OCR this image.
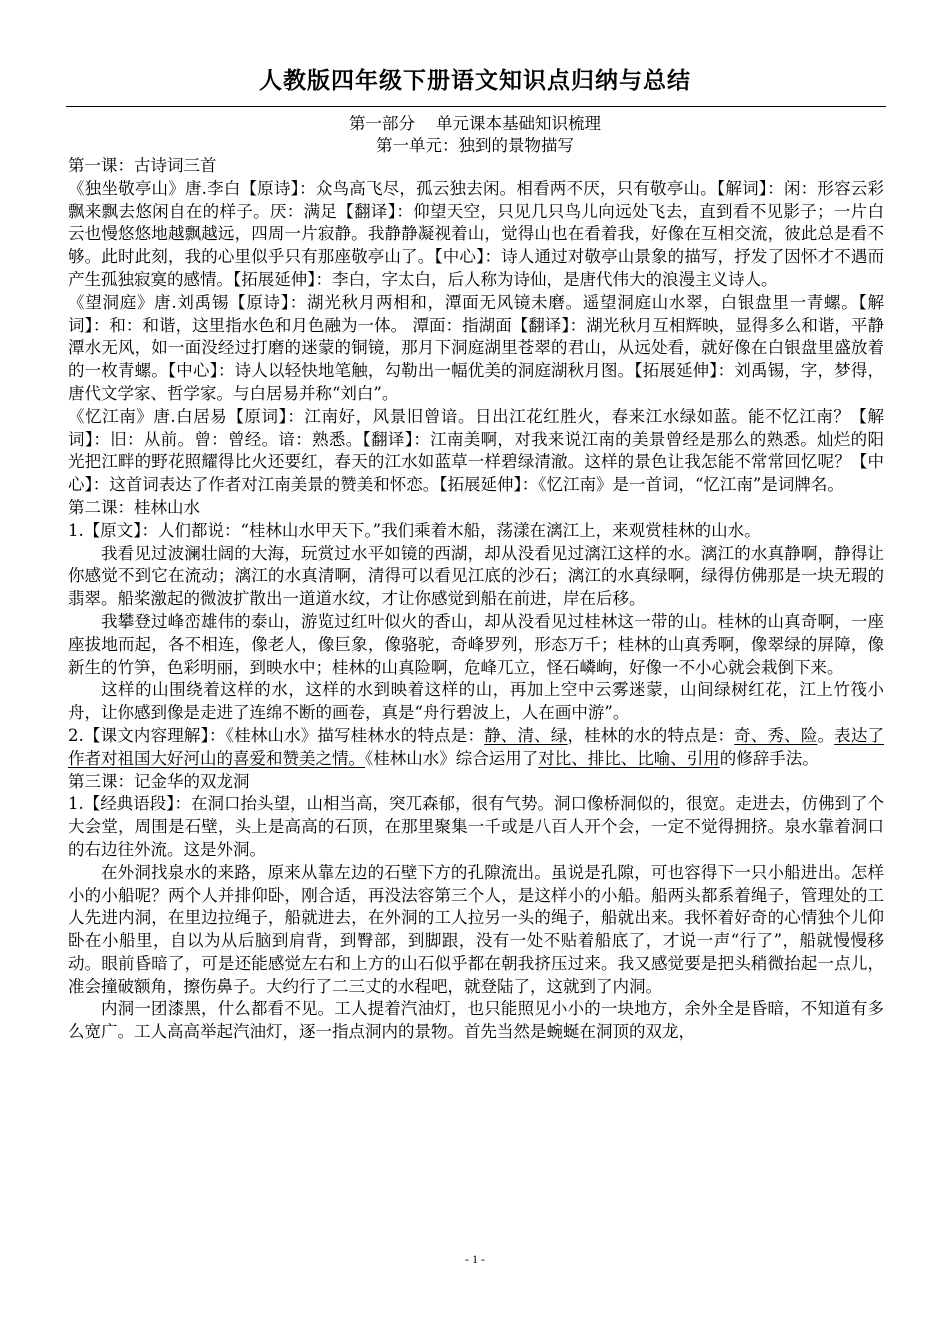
人教版四年级下册语文知识点归纳与总结
第一部分    单元课本基础知识梳理
第一单元：独到的景物描写

第一课：古诗词三首

《独坐敬亭山》唐.李白【原诗】：众鸟高飞尽，孤云独去闲。相看两不厌，只有敬亭山。【解词】：闲：形容云彩飘来飘去悠闲自在的样子。厌：满足【翻译】：仰望天空，只见几只鸟儿向远处飞去，直到看不见影子；一片白云也慢悠悠地越飘越远，四周一片寂静。我静静凝视着山，觉得山也在看着我，好像在互相交流，彼此总是看不够。此时此刻，我的心里似乎只有那座敬亭山了。【中心】：诗人通过对敬亭山景象的描写，抒发了因怀才不遇而产生孤独寂寞的感情。【拓展延伸】：李白，字太白，后人称为诗仙，是唐代伟大的浪漫主义诗人。

《望洞庭》唐.刘禹锡【原诗】：湖光秋月两相和，潭面无风镜未磨。遥望洞庭山水翠，白银盘里一青螺。【解词】：和：和谐，这里指水色和月色融为一体。 潭面：指湖面【翻译】：湖光秋月互相辉映，显得多么和谐，平静潭水无风，如一面没经过打磨的迷蒙的铜镜，那月下洞庭湖里苍翠的君山，从远处看，就好像在白银盘里盛放着的一枚青螺。【中心】：诗人以轻快地笔触，勾勒出一幅优美的洞庭湖秋月图。【拓展延伸】：刘禹锡，字，梦得，唐代文学家、哲学家。与白居易并称“刘白”。

《忆江南》唐.白居易【原词】：江南好，风景旧曾谙。日出江花红胜火，春来江水绿如蓝。能不忆江南？【解词】：旧：从前。曾：曾经。谙：熟悉。【翻译】：江南美啊，对我来说江南的美景曾经是那么的熟悉。灿烂的阳光把江畔的野花照耀得比火还要红，春天的江水如蓝草一样碧绿清澈。这样的景色让我怎能不常常回忆呢？【中心】：这首词表达了作者对江南美景的赞美和怀恋。【拓展延伸】：《忆江南》是一首词，“忆江南”是词牌名。

第二课：桂林山水

1.【原文】：人们都说：“桂林山水甲天下。”我们乘着木船，荡漾在漓江上，来观赏桂林的山水。

我看见过波澜壮阔的大海，玩赏过水平如镜的西湖，却从没看见过漓江这样的水。漓江的水真静啊，静得让你感觉不到它在流动；漓江的水真清啊，清得可以看见江底的沙石；漓江的水真绿啊，绿得仿佛那是一块无瑕的翡翠。船桨激起的微波扩散出一道道水纹，才让你感觉到船在前进，岸在后移。

我攀登过峰峦雄伟的泰山，游览过红叶似火的香山，却从没看见过桂林这一带的山。桂林的山真奇啊，一座座拔地而起，各不相连，像老人，像巨象，像骆驼，奇峰罗列，形态万千；桂林的山真秀啊，像翠绿的屏障，像新生的竹笋，色彩明丽，到映水中；桂林的山真险啊，危峰兀立，怪石嶙峋，好像一不小心就会栽倒下来。

这样的山围绕着这样的水，这样的水到映着这样的山，再加上空中云雾迷蒙，山间绿树红花，江上竹筏小舟，让你感到像是走进了连绵不断的画卷，真是“舟行碧波上，人在画中游”。

2.【课文内容理解】：《桂林山水》描写桂林水的特点是：静、清、绿，桂林的水的特点是：奇、秀、险。表达了作者对祖国大好河山的喜爱和赞美之情。《桂林山水》综合运用了对比、排比、比喻、引用的修辞手法。

第三课：记金华的双龙洞

1.【经典语段】：在洞口抬头望，山相当高，突兀森郁，很有气势。洞口像桥洞似的，很宽。走进去，仿佛到了个大会堂，周围是石壁，头上是高高的石顶，在那里聚集一千或是八百人开个会，一定不觉得拥挤。泉水靠着洞口的右边往外流。这是外洞。

在外洞找泉水的来路，原来从靠左边的石壁下方的孔隙流出。虽说是孔隙，可也容得下一只小船进出。怎样小的小船呢？两个人并排仰卧，刚合适，再没法容第三个人，是这样小的小船。船两头都系着绳子，管理处的工人先进内洞，在里边拉绳子，船就进去，在外洞的工人拉另一头的绳子，船就出来。我怀着好奇的心情独个儿仰卧在小船里，自以为从后脑到肩背，到臀部，到脚跟，没有一处不贴着船底了，才说一声“行了”，船就慢慢移动。眼前昏暗了，可是还能感觉左右和上方的山石似乎都在朝我挤压过来。我又感觉要是把头稍微抬起一点儿，准会撞破额角，擦伤鼻子。大约行了二三丈的水程吧，就登陆了，这就到了内洞。

内洞一团漆黑，什么都看不见。工人提着汽油灯，也只能照见小小的一块地方，余外全是昏暗，不知道有多么宽广。工人高高举起汽油灯，逐一指点洞内的景物。首先当然是蜿蜒在洞顶的双龙，

- 1 -
